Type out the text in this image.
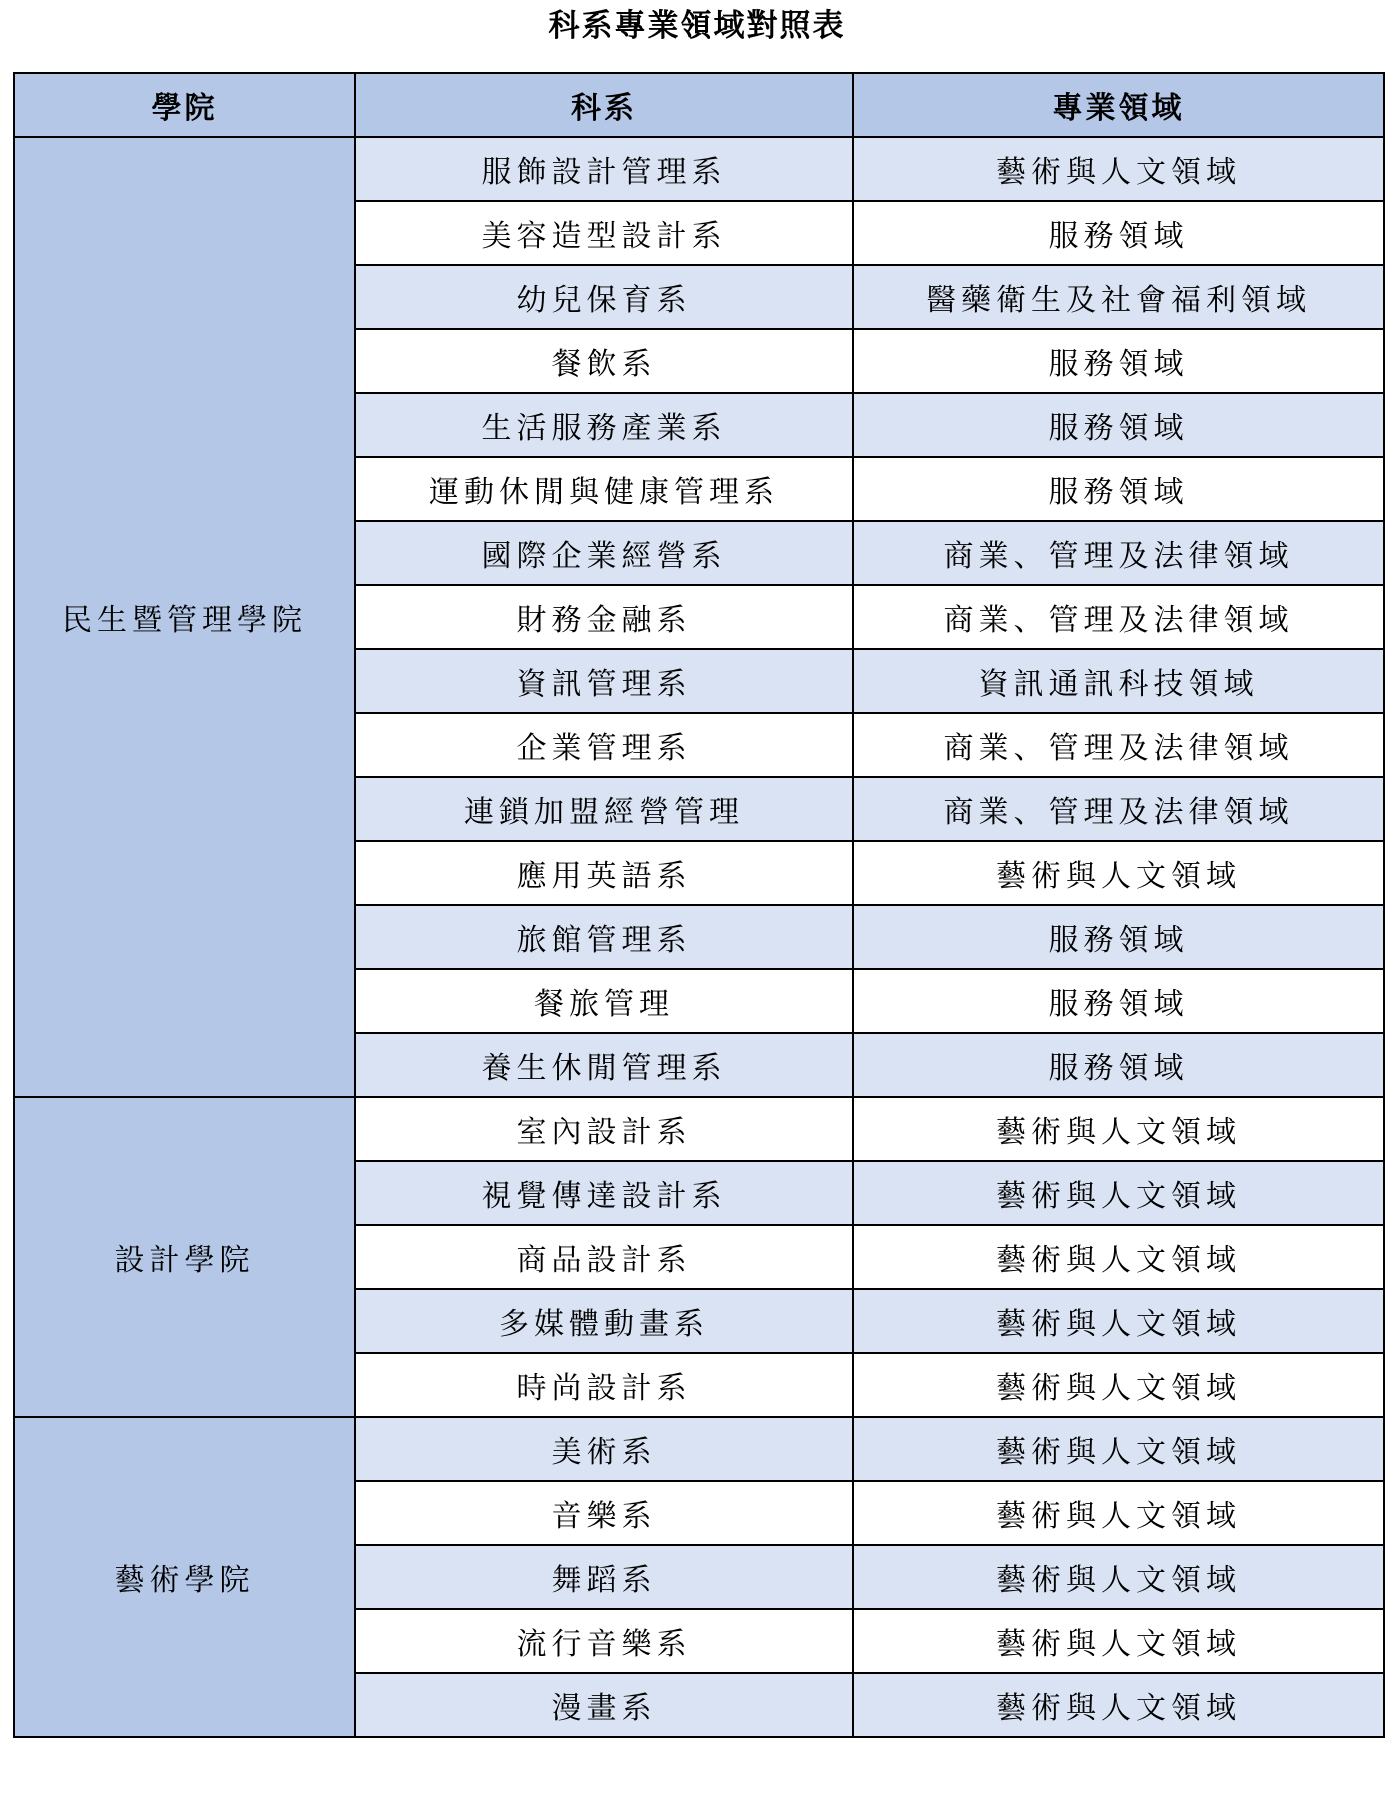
科系專業領域對照表
學院	科系	專業領域
民生暨管理學院	服飾設計管理系	藝術與人文領域
	美容造型設計系	服務領域
	幼兒保育系	醫藥衛生及社會福利領域
	餐飲系	服務領域
	生活服務產業系	服務領域
	運動休閒與健康管理系	服務領域
	國際企業經營系	商業、管理及法律領域
	財務金融系	商業、管理及法律領域
	資訊管理系	資訊通訊科技領域
	企業管理系	商業、管理及法律領域
	連鎖加盟經營管理	商業、管理及法律領域
	應用英語系	藝術與人文領域
	旅館管理系	服務領域
	餐旅管理	服務領域
	養生休閒管理系	服務領域
設計學院	室內設計系	藝術與人文領域
	視覺傳達設計系	藝術與人文領域
	商品設計系	藝術與人文領域
	多媒體動畫系	藝術與人文領域
	時尚設計系	藝術與人文領域
藝術學院	美術系	藝術與人文領域
	音樂系	藝術與人文領域
	舞蹈系	藝術與人文領域
	流行音樂系	藝術與人文領域
	漫畫系	藝術與人文領域
